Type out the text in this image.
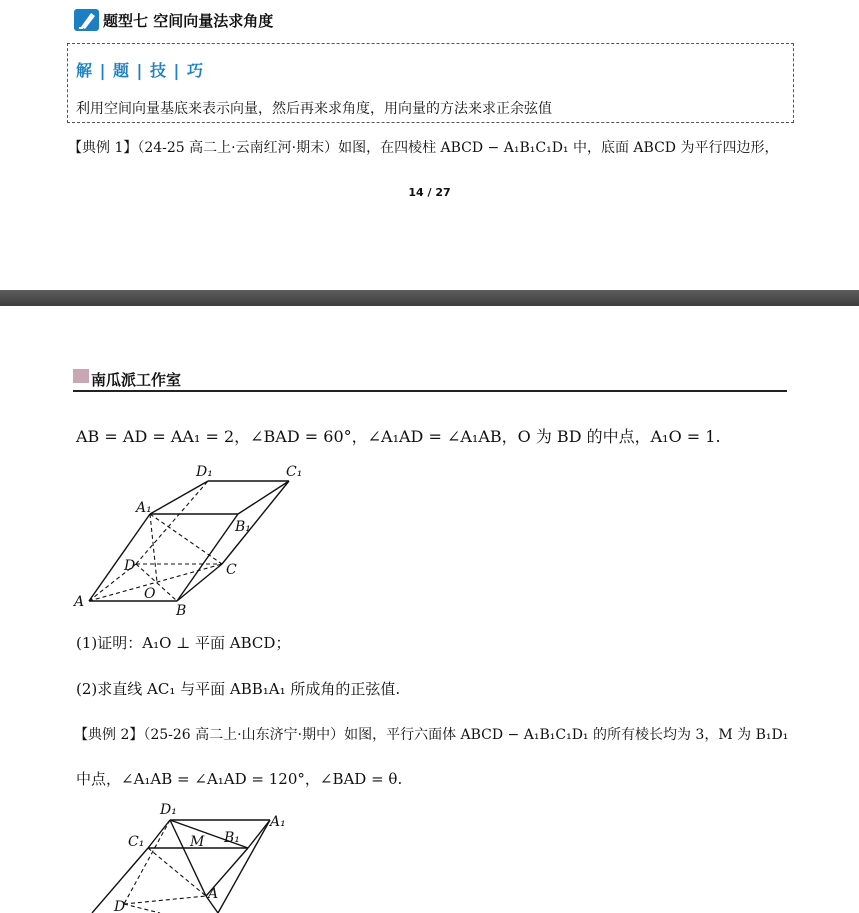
题型七 空间向量法求角度
解 | 题 | 技 | 巧
利用空间向量基底来表示向量，然后再来求角度，用向量的方法来求正余弦值
【典例 1】（24-25 高二上·云南红河·期末）如图，在四棱柱 ABCD − A₁B₁C₁D₁ 中，底面 ABCD 为平行四边形，
14 / 27
南瓜派工作室
AB = AD = AA₁ = 2，∠BAD = 60°，∠A₁AD = ∠A₁AB，O 为 BD 的中点，A₁O = 1.
D₁	C₁
A₁
B₁
D	C
A	O
B
(1)证明：A₁O ⊥ 平面 ABCD；
(2)求直线 AC₁ 与平面 ABB₁A₁ 所成角的正弦值.
【典例 2】（25-26 高二上·山东济宁·期中）如图，平行六面体 ABCD − A₁B₁C₁D₁ 的所有棱长均为 3，M 为 B₁D₁
中点，∠A₁AB = ∠A₁AD = 120°，∠BAD = θ.
D₁
A₁
C₁	M B₁
A
D
